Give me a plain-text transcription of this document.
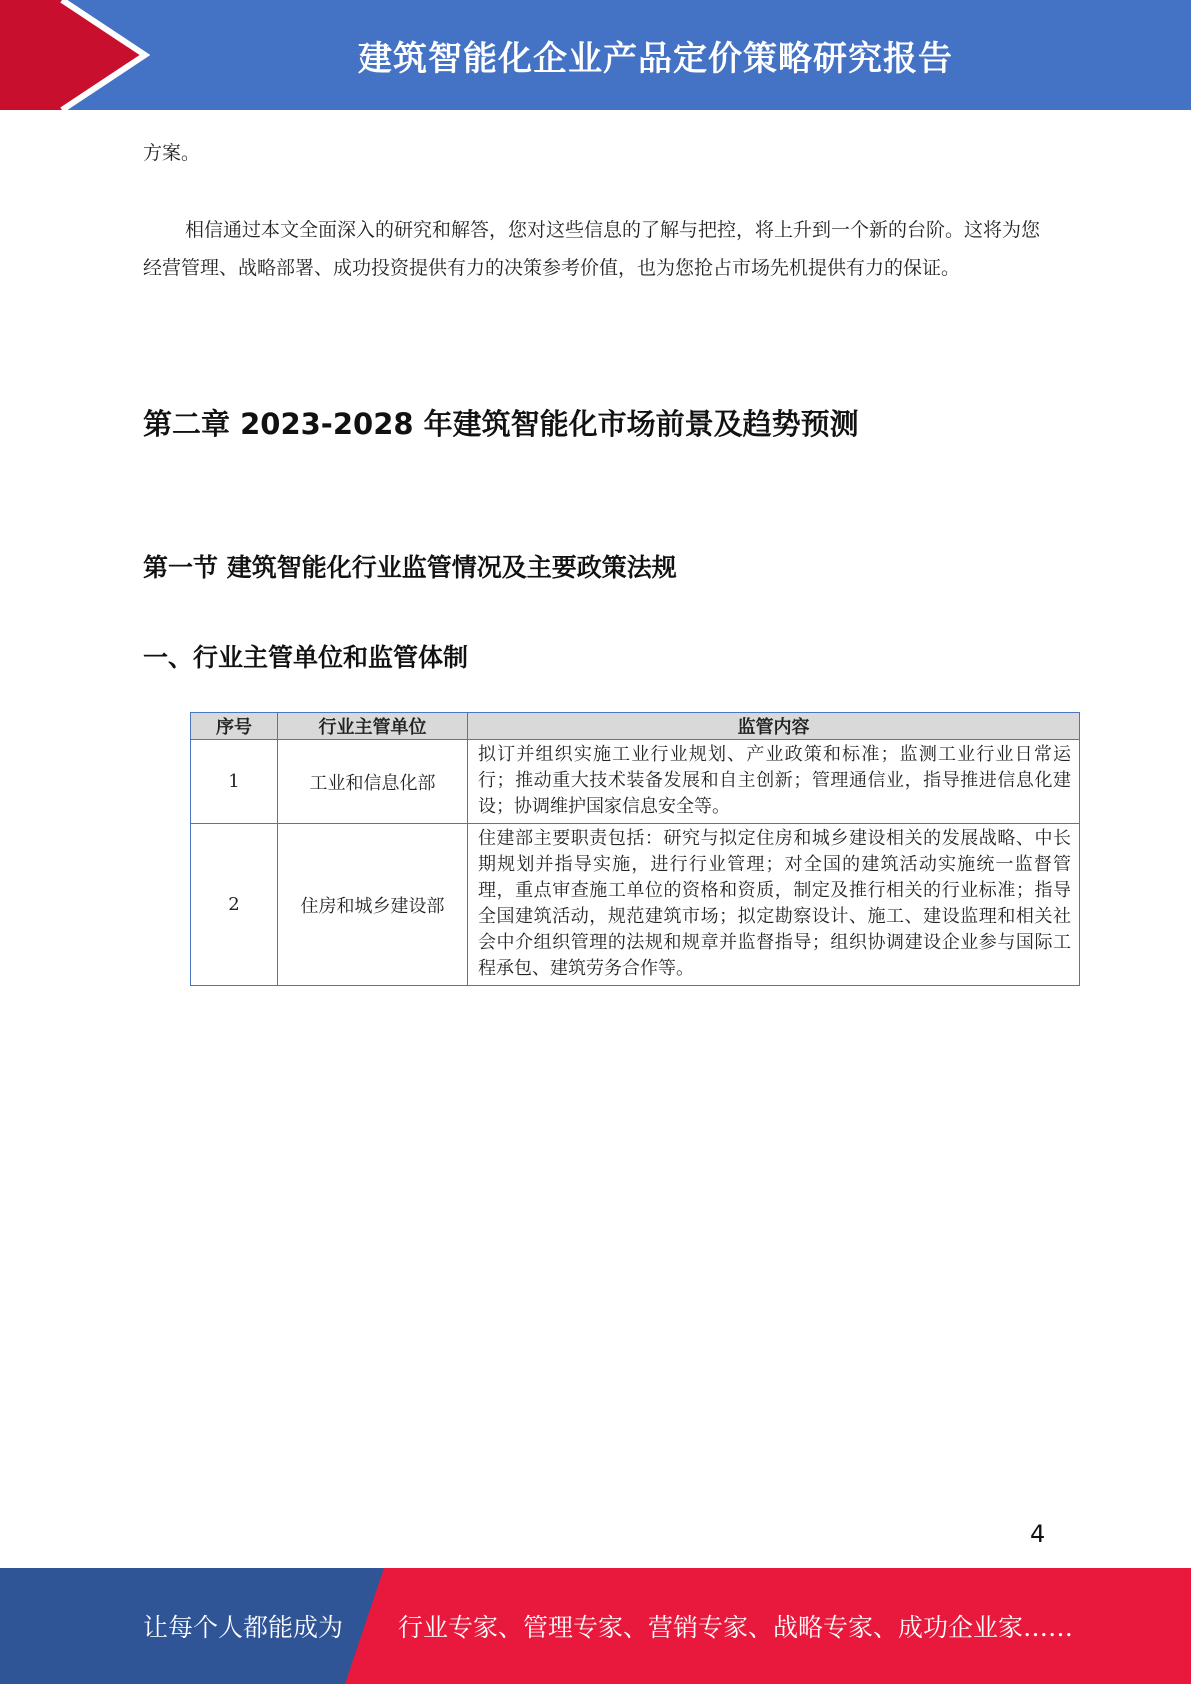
建筑智能化企业产品定价策略研究报告

方案。

相信通过本文全面深入的研究和解答，您对这些信息的了解与把控，将上升到一个新的台阶。这将为您经营管理、战略部署、成功投资提供有力的决策参考价值，也为您抢占市场先机提供有力的保证。

第二章 2023-2028 年建筑智能化市场前景及趋势预测
第一节 建筑智能化行业监管情况及主要政策法规
一、行业主管单位和监管体制
序号	行业主管单位	监管内容
1	工业和信息化部	拟订并组织实施工业行业规划、产业政策和标准；监测工业行业日常运行；推动重大技术装备发展和自主创新；管理通信业，指导推进信息化建设；协调维护国家信息安全等。
2	住房和城乡建设部	住建部主要职责包括：研究与拟定住房和城乡建设相关的发展战略、中长期规划并指导实施，进行行业管理；对全国的建筑活动实施统一监督管理，重点审查施工单位的资格和资质，制定及推行相关的行业标准；指导全国建筑活动，规范建筑市场；拟定勘察设计、施工、建设监理和相关社会中介组织管理的法规和规章并监督指导；组织协调建设企业参与国际工程承包、建筑劳务合作等。
4
让每个人都能成为 行业专家、管理专家、营销专家、战略专家、成功企业家……
